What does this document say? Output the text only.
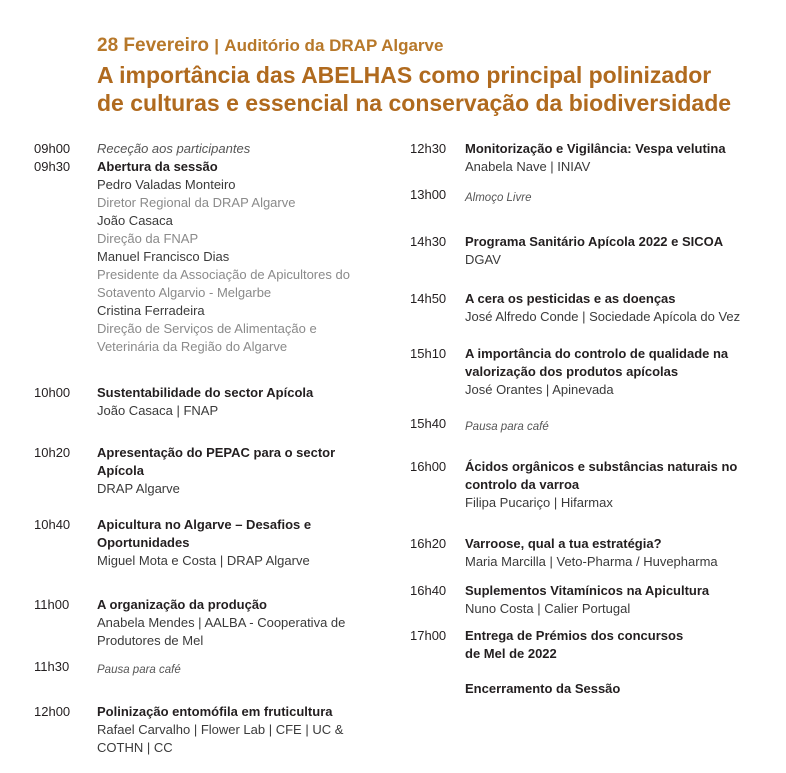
28 Fevereiro | Auditório da DRAP Algarve
A importância das ABELHAS como principal polinizador
de culturas e essencial na conservação da biodiversidade
09h00 Receção aos participantes
09h30 Abertura da sessão
Pedro Valadas Monteiro
Diretor Regional da DRAP Algarve
João Casaca
Direção da FNAP
Manuel Francisco Dias
Presidente da Associação de Apicultores do
Sotavento Algarvio - Melgarbe
Cristina Ferradeira
Direção de Serviços de Alimentação e
Veterinária da Região do Algarve
10h00 Sustentabilidade do sector Apícola
João Casaca | FNAP
10h20 Apresentação do PEPAC para o sector
Apícola
DRAP Algarve
10h40 Apicultura no Algarve – Desafios e
Oportunidades
Miguel Mota e Costa | DRAP Algarve
11h00 A organização da produção
Anabela Mendes | AALBA - Cooperativa de
Produtores de Mel
11h30 Pausa para café
12h00 Polinização entomófila em fruticultura
Rafael Carvalho | Flower Lab | CFE | UC &
COTHN | CC
12h30 Monitorização e Vigilância: Vespa velutina
Anabela Nave | INIAV
13h00 Almoço Livre
14h30 Programa Sanitário Apícola 2022 e SICOA
DGAV
14h50 A cera os pesticidas e as doenças
José Alfredo Conde | Sociedade Apícola do Vez
15h10 A importância do controlo de qualidade na
valorização dos produtos apícolas
José Orantes | Apinevada
15h40 Pausa para café
16h00 Ácidos orgânicos e substâncias naturais no
controlo da varroa
Filipa Pucariço | Hifarmax
16h20 Varroose, qual a tua estratégia?
Maria Marcilla | Veto-Pharma / Huvepharma
16h40 Suplementos Vitamínicos na Apicultura
Nuno Costa | Calier Portugal
17h00 Entrega de Prémios dos concursos
de Mel de 2022
Encerramento da Sessão
